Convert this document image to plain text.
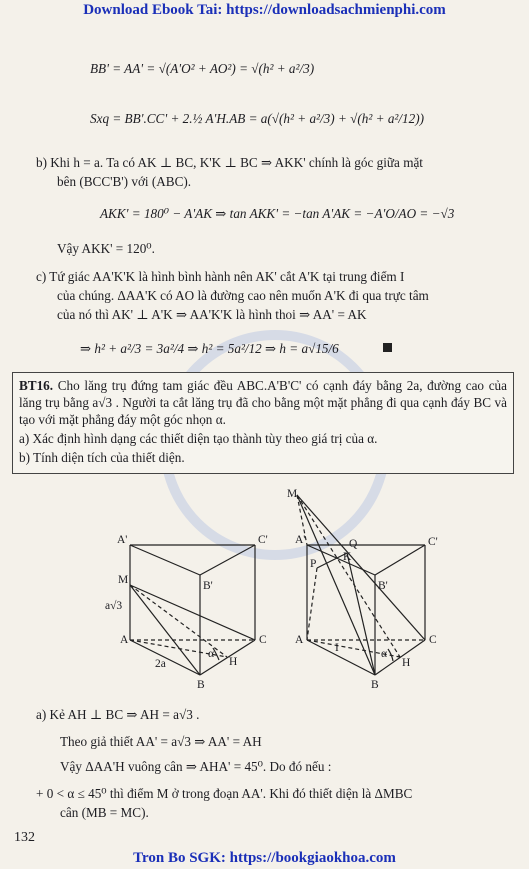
Download Ebook Tai: https://downloadsachmienphi.com
BB' = AA' = √(A'O² + AO²) = √(h² + a²/3)
Sxq = BB'.CC' + 2.½ A'H.AB = a(√(h² + a²/3) + √(h² + a²/12))
b) Khi h = a. Ta có AK ⊥ BC, K'K ⊥ BC ⇒ AKK' chính là góc giữa mặt
bên (BCC'B') với (ABC).
AKK' = 180⁰ − A'AK ⇒ tan AKK' = −tan A'AK = −A'O/AO = −√3
Vậy AKK' = 120⁰.
c) Tứ giác AA'K'K là hình bình hành nên AK' cắt A'K tại trung điểm I
của chúng. ΔAA'K có AO là đường cao nên muốn A'K đi qua trực tâm
của nó thì AK' ⊥ A'K ⇒ AA'K'K là hình thoi ⇒ AA' = AK
⇒ h² + a²/3 = 3a²/4 ⇒ h² = 5a²/12 ⇒ h = a√15/6
BT16. Cho lăng trụ đứng tam giác đều ABC.A'B'C' có cạnh đáy bằng 2a, đường cao của lăng trụ bằng a√3 . Người ta cắt lăng trụ đã cho bằng một mặt phẳng đi qua cạnh đáy BC và tạo với mặt phẳng đáy một góc nhọn α.
a) Xác định hình dạng các thiết diện tạo thành tùy theo giá trị của α.
b) Tính diện tích của thiết diện.
A'	C'
B'
M
a√3
A	C
H
B
α
2a
M
Q
K
P
A'	C'
B'
A
I
C
H
B
α
a) Kẻ AH ⊥ BC ⇒ AH = a√3 .
Theo giả thiết AA' = a√3 ⇒ AA' = AH
Vậy ΔAA'H vuông cân ⇒ AHA' = 45⁰. Do đó nếu :
+ 0 < α ≤ 45⁰ thì điểm M ở trong đoạn AA'. Khi đó thiết diện là ΔMBC
cân (MB = MC).
132
Tron Bo SGK: https://bookgiaokhoa.com
